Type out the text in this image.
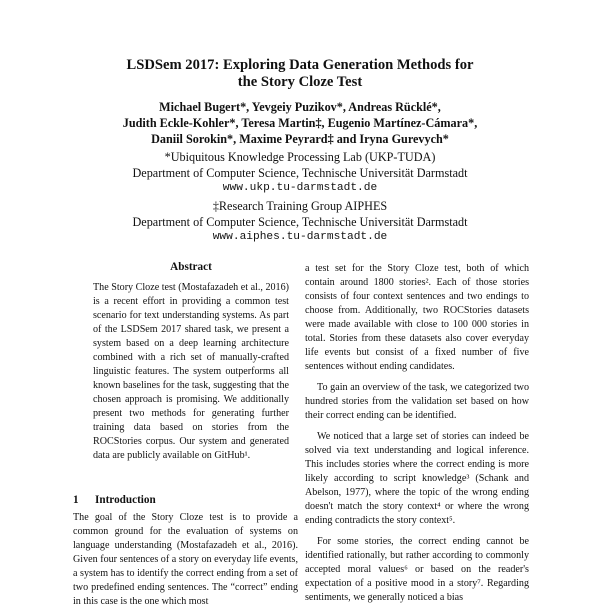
LSDSem 2017: Exploring Data Generation Methods for
the Story Cloze Test
Michael Bugert*, Yevgeiy Puzikov*, Andreas Rücklé*,
Judith Eckle-Kohler*, Teresa Martin‡, Eugenio Martínez-Cámara*,
Daniil Sorokin*, Maxime Peyrard‡ and Iryna Gurevych*
*Ubiquitous Knowledge Processing Lab (UKP-TUDA)
Department of Computer Science, Technische Universität Darmstadt
www.ukp.tu-darmstadt.de
‡Research Training Group AIPHES
Department of Computer Science, Technische Universität Darmstadt
www.aiphes.tu-darmstadt.de
Abstract

The Story Cloze test (Mostafazadeh et al., 2016) is a recent effort in providing a common test scenario for text understanding systems. As part of the LSDSem 2017 shared task, we present a system based on a deep learning architecture combined with a rich set of manually-crafted linguistic features. The system outperforms all known baselines for the task, suggesting that the chosen approach is promising. We additionally present two methods for generating further training data based on stories from the ROCStories corpus. Our system and generated data are publicly available on GitHub¹.

1 Introduction

The goal of the Story Cloze test is to provide a common ground for the evaluation of systems on language understanding (Mostafazadeh et al., 2016). Given four sentences of a story on everyday life events, a system has to identify the correct ending from a set of two predefined ending sentences. The “correct” ending in this case is the one which most

a test set for the Story Cloze test, both of which contain around 1800 stories². Each of those stories consists of four context sentences and two endings to choose from. Additionally, two ROCStories datasets were made available with close to 100 000 stories in total. Stories from these datasets also cover everyday life events but consist of a fixed number of five sentences without ending candidates.

To gain an overview of the task, we categorized two hundred stories from the validation set based on how their correct ending can be identified.

We noticed that a large set of stories can indeed be solved via text understanding and logical inference. This includes stories where the correct ending is more likely according to script knowledge³ (Schank and Abelson, 1977), where the topic of the wrong ending doesn't match the story context⁴ or where the wrong ending contradicts the story context⁵.

For some stories, the correct ending cannot be identified rationally, but rather according to commonly accepted moral values⁶ or based on the reader's expectation of a positive mood in a story⁷. Regarding sentiments, we generally noticed a bias
